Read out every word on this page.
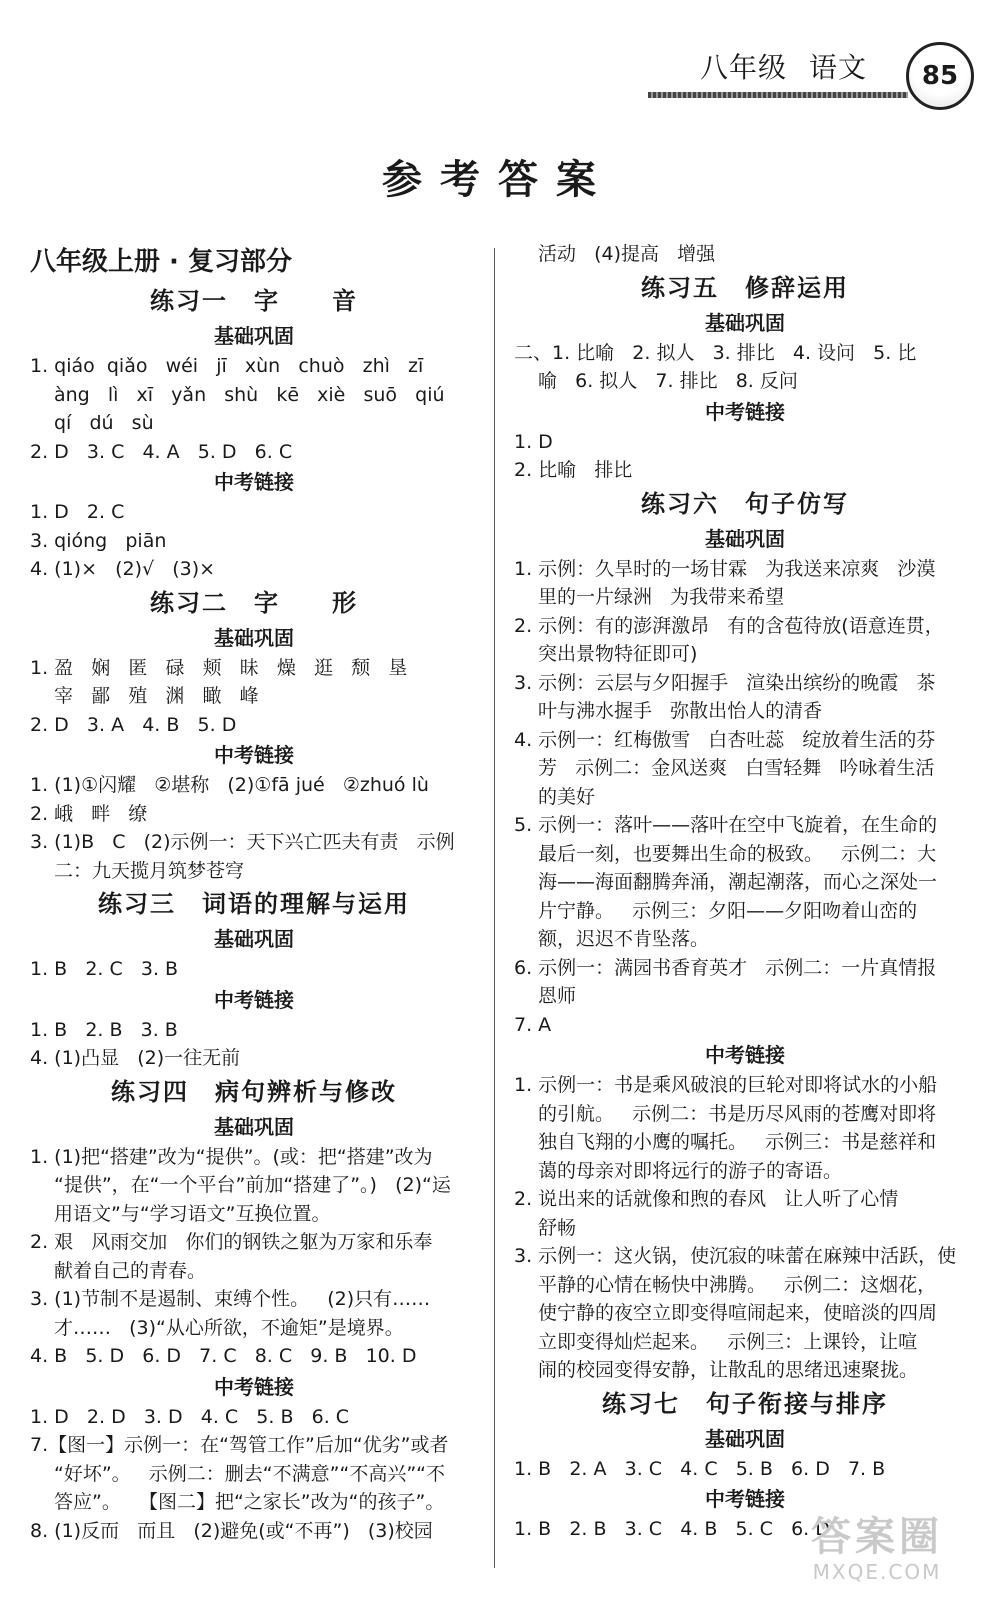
八年级 语文	85
参考答案
八年级上册 · 复习部分
练习一　字　　音
基础巩固
1. qiáo  qiǎo   wéi   jī   xùn   chuò   zhì   zī
àng   lì   xī   yǎn   shù   kē   xiè   suō   qiú
qí   dú   sù
2. D   3. C   4. A   5. D   6. C
中考链接
1. D   2. C
3. qióng   piān
4. (1)×   (2)√   (3)×
练习二　字　　形
基础巩固
1. 盈   娴   匿   碌   颊   昧   燥   逛   颓   垦
宰   鄙   殖   渊   瞰   峰
2. D   3. A   4. B   5. D
中考链接
1. (1)①闪耀   ②堪称   (2)①fā jué   ②zhuó lù
2. 峨   畔   缭
3. (1)B   C   (2)示例一：天下兴亡匹夫有责   示例
二：九天揽月筑梦苍穹
练习三　词语的理解与运用
基础巩固
1. B   2. C   3. B
中考链接
1. B   2. B   3. B
4. (1)凸显   (2)一往无前
练习四　病句辨析与修改
基础巩固
1. (1)把“搭建”改为“提供”。(或：把“搭建”改为
“提供”，在“一个平台”前加“搭建了”。)   (2)“运
用语文”与“学习语文”互换位置。
2. 艰   风雨交加   你们的钢铁之躯为万家和乐奉
献着自己的青春。
3. (1)节制不是遏制、束缚个性。   (2)只有……
才……   (3)“从心所欲，不逾矩”是境界。
4. B   5. D   6. D   7. C   8. C   9. B   10. D
中考链接
1. D   2. D   3. D   4. C   5. B   6. C
7.【图一】示例一：在“驾管工作”后加“优劣”或者
“好坏”。   示例二：删去“不满意”“不高兴”“不
答应”。   【图二】把“之家长”改为“的孩子”。
8. (1)反而   而且   (2)避免(或“不再”)   (3)校园
活动   (4)提高   增强
练习五　修辞运用
基础巩固
二、1. 比喻   2. 拟人   3. 排比   4. 设问   5. 比
喻   6. 拟人   7. 排比   8. 反问
中考链接
1. D
2. 比喻   排比
练习六　句子仿写
基础巩固
1. 示例：久旱时的一场甘霖   为我送来凉爽   沙漠
里的一片绿洲   为我带来希望
2. 示例：有的澎湃激昂   有的含苞待放(语意连贯，
突出景物特征即可)
3. 示例：云层与夕阳握手   渲染出缤纷的晚霞   茶
叶与沸水握手   弥散出怡人的清香
4. 示例一：红梅傲雪   白杏吐蕊   绽放着生活的芬
芳   示例二：金风送爽   白雪轻舞   吟咏着生活
的美好
5. 示例一：落叶——落叶在空中飞旋着，在生命的
最后一刻，也要舞出生命的极致。   示例二：大
海——海面翻腾奔涌，潮起潮落，而心之深处一
片宁静。   示例三：夕阳——夕阳吻着山峦的
额，迟迟不肯坠落。
6. 示例一：满园书香育英才   示例二：一片真情报
恩师
7. A
中考链接
1. 示例一：书是乘风破浪的巨轮对即将试水的小船
的引航。   示例二：书是历尽风雨的苍鹰对即将
独自飞翔的小鹰的嘱托。   示例三：书是慈祥和
蔼的母亲对即将远行的游子的寄语。
2. 说出来的话就像和煦的春风   让人听了心情
舒畅
3. 示例一：这火锅，使沉寂的味蕾在麻辣中活跃，使
平静的心情在畅快中沸腾。   示例二：这烟花，
使宁静的夜空立即变得喧闹起来，使暗淡的四周
立即变得灿烂起来。   示例三：上课铃，让喧
闹的校园变得安静，让散乱的思绪迅速聚拢。
练习七　句子衔接与排序
基础巩固
1. B   2. A   3. C   4. C   5. B   6. D   7. B
中考链接
1. B   2. B   3. C   4. B   5. C   6. D
答案圈
MXQE.COM
